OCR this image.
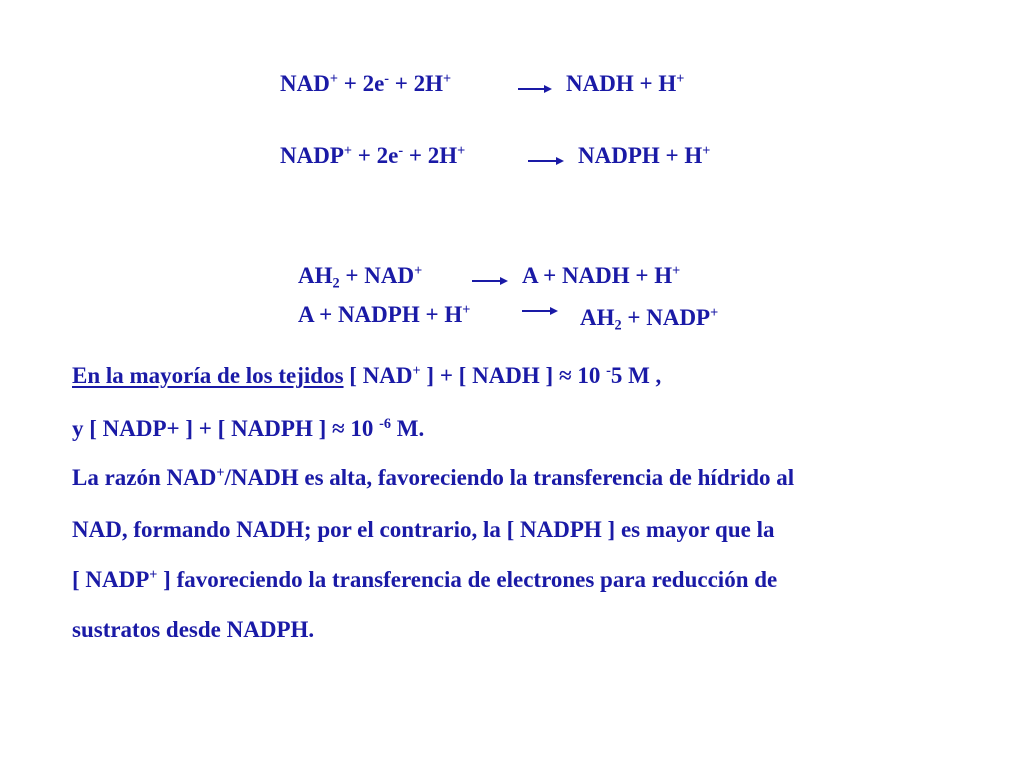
NAD+ + 2e- + 2H+ → NADH + H+
NADP+ + 2e- + 2H+ → NADPH + H+
$AH_2 + NAD^+ \to A$ + NADH + H+
A + NADPH + H+	→ $AH_2$ + NADP+
En la mayoría de los tejidos [ NAD+ ] + [ NADH ] ≈ 10 -5 M ,
y [ NADP+ ] + [ NADPH ] ≈ 10 $^{-6}$ M.
La razón NAD+/NADH es alta, favoreciendo la transferencia de hídrido al
NAD, formando NADH; por el contrario, la [ NADPH ] es mayor que la
[ NADP+ ] favoreciendo la transferencia de electrones para reducción de
sustratos desde NADPH.
